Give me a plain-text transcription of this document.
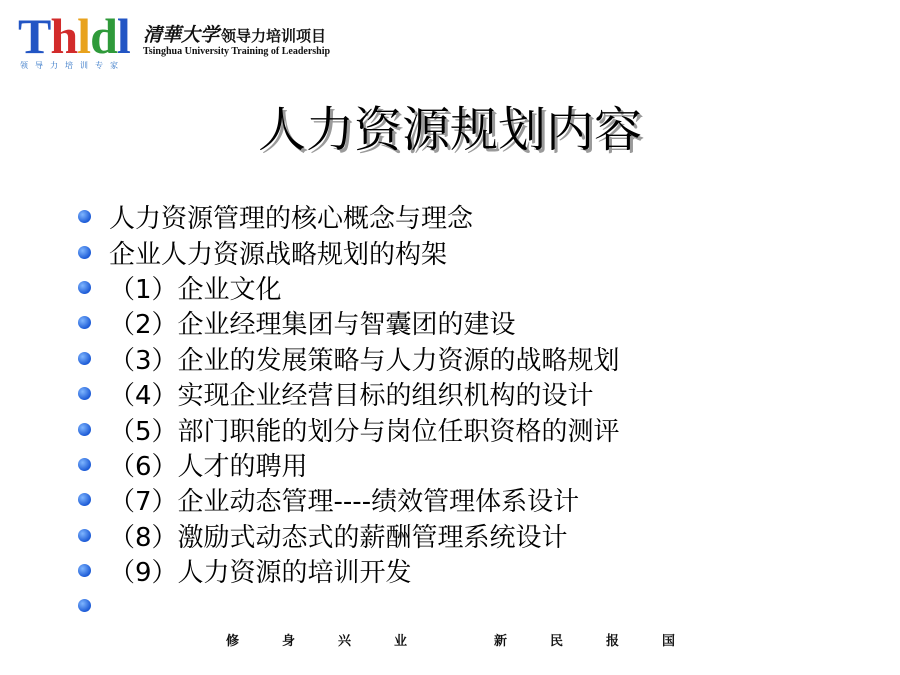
Thldl
领导力培训专家
清華大学 领导力培训项目
Tsinghua University Training of Leadership
人力资源规划内容
人力资源管理的核心概念与理念
企业人力资源战略规划的构架
（1）企业文化
（2）企业经理集团与智囊团的建设
（3）企业的发展策略与人力资源的战略规划
（4）实现企业经营目标的组织机构的设计
（5）部门职能的划分与岗位任职资格的测评
（6）人才的聘用
（7）企业动态管理----绩效管理体系设计
（8）激励式动态式的薪酬管理系统设计
（9）人力资源的培训开发
修	身	兴	业	新	民	报	国
